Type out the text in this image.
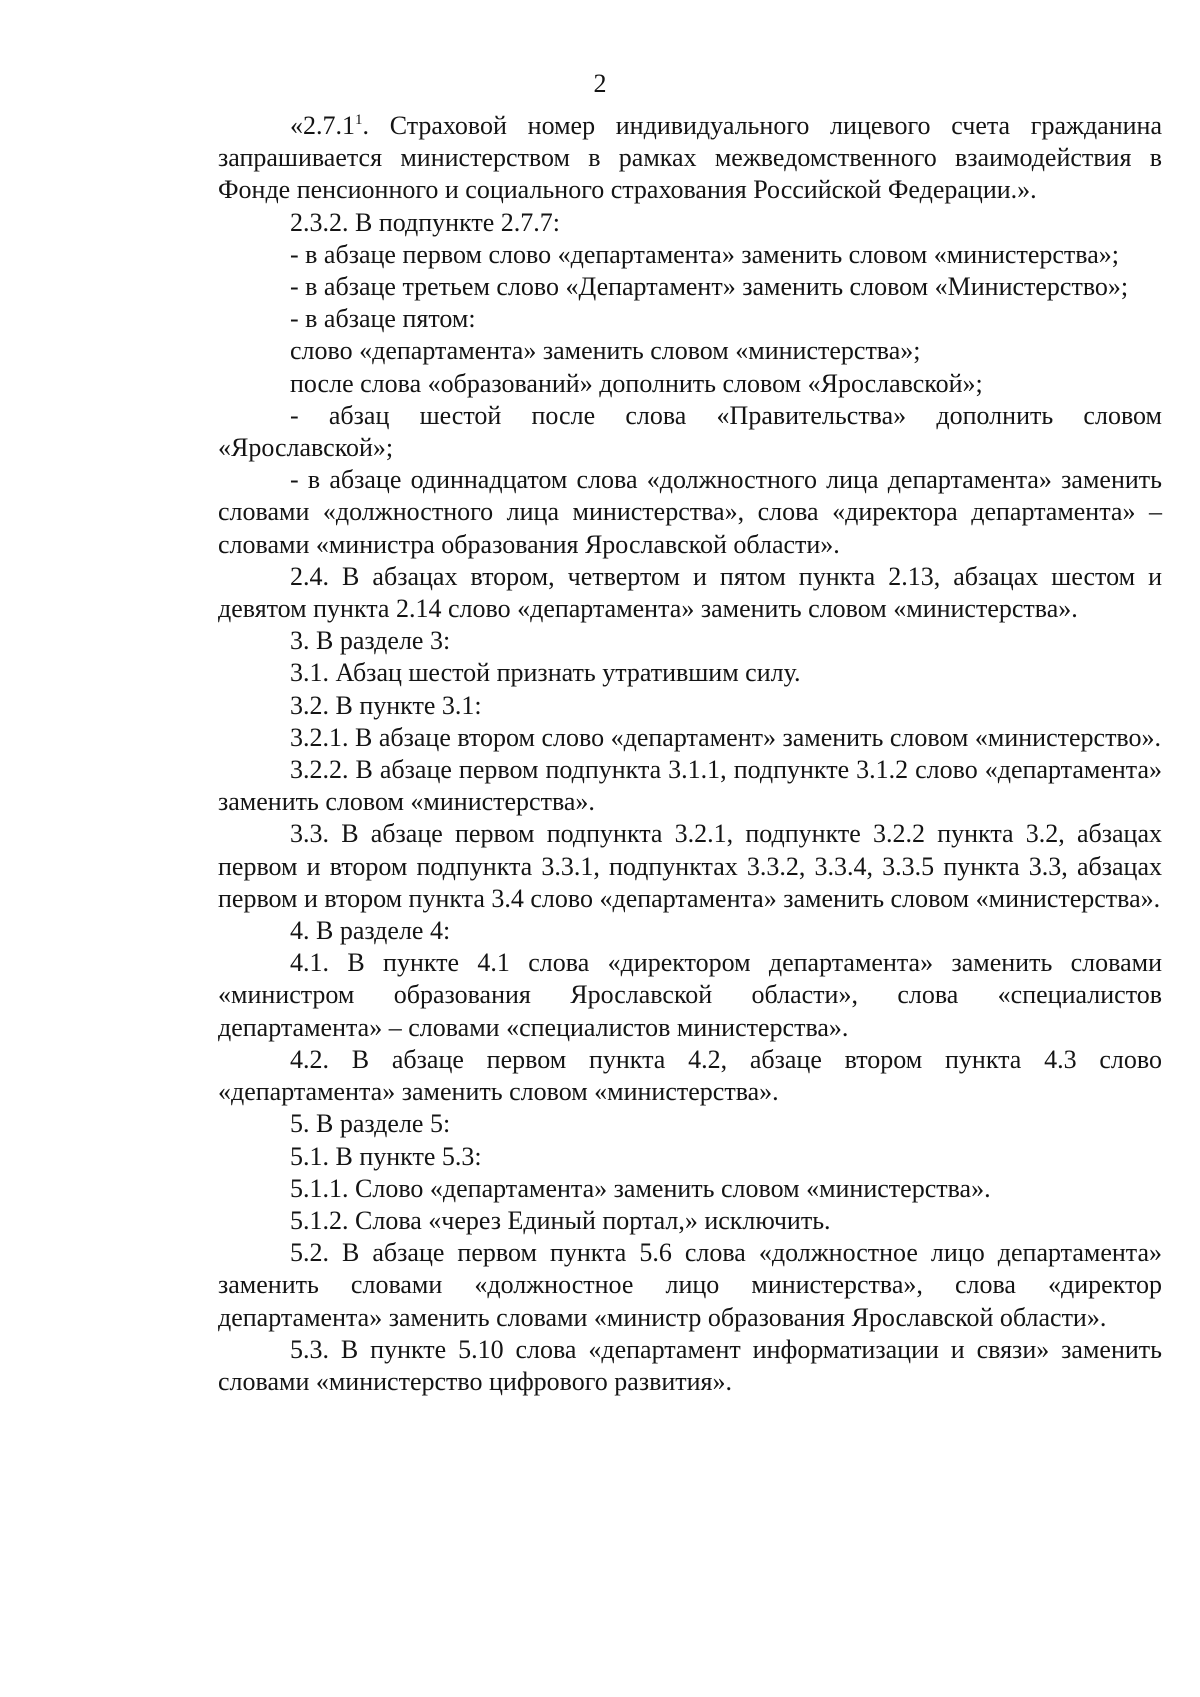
2

«2.7.1$^1$. Страховой номер индивидуального лицевого счета гражданина запрашивается министерством в рамках межведомственного взаимодействия в Фонде пенсионного и социального страхования Российской Федерации.».

2.3.2. В подпункте 2.7.7:

- в абзаце первом слово «департамента» заменить словом «министерства»;

- в абзаце третьем слово «Департамент» заменить словом «Министерство»;

- в абзаце пятом:

слово «департамента» заменить словом «министерства»;

после слова «образований» дополнить словом «Ярославской»;

- абзац шестой после слова «Правительства» дополнить словом «Ярославской»;

- в абзаце одиннадцатом слова «должностного лица департамента» заменить словами «должностного лица министерства», слова «директора департамента» – словами «министра образования Ярославской области».

2.4. В абзацах втором, четвертом и пятом пункта 2.13, абзацах шестом и девятом пункта 2.14 слово «департамента» заменить словом «министерства».

3. В разделе 3:

3.1. Абзац шестой признать утратившим силу.

3.2. В пункте 3.1:

3.2.1. В абзаце втором слово «департамент» заменить словом «министерство».

3.2.2. В абзаце первом подпункта 3.1.1, подпункте 3.1.2 слово «департамента» заменить словом «министерства».

3.3. В абзаце первом подпункта 3.2.1, подпункте 3.2.2 пункта 3.2, абзацах первом и втором подпункта 3.3.1, подпунктах 3.3.2, 3.3.4, 3.3.5 пункта 3.3, абзацах первом и втором пункта 3.4 слово «департамента» заменить словом «министерства».

4. В разделе 4:

4.1. В пункте 4.1 слова «директором департамента» заменить словами «министром образования Ярославской области», слова «специалистов департамента» – словами «специалистов министерства».

4.2. В абзаце первом пункта 4.2, абзаце втором пункта 4.3 слово «департамента» заменить словом «министерства».

5. В разделе 5:

5.1. В пункте 5.3:

5.1.1. Слово «департамента» заменить словом «министерства».

5.1.2. Слова «через Единый портал,» исключить.

5.2. В абзаце первом пункта 5.6 слова «должностное лицо департамента» заменить словами «должностное лицо министерства», слова «директор департамента» заменить словами «министр образования Ярославской области».

5.3. В пункте 5.10 слова «департамент информатизации и связи» заменить словами «министерство цифрового развития».
